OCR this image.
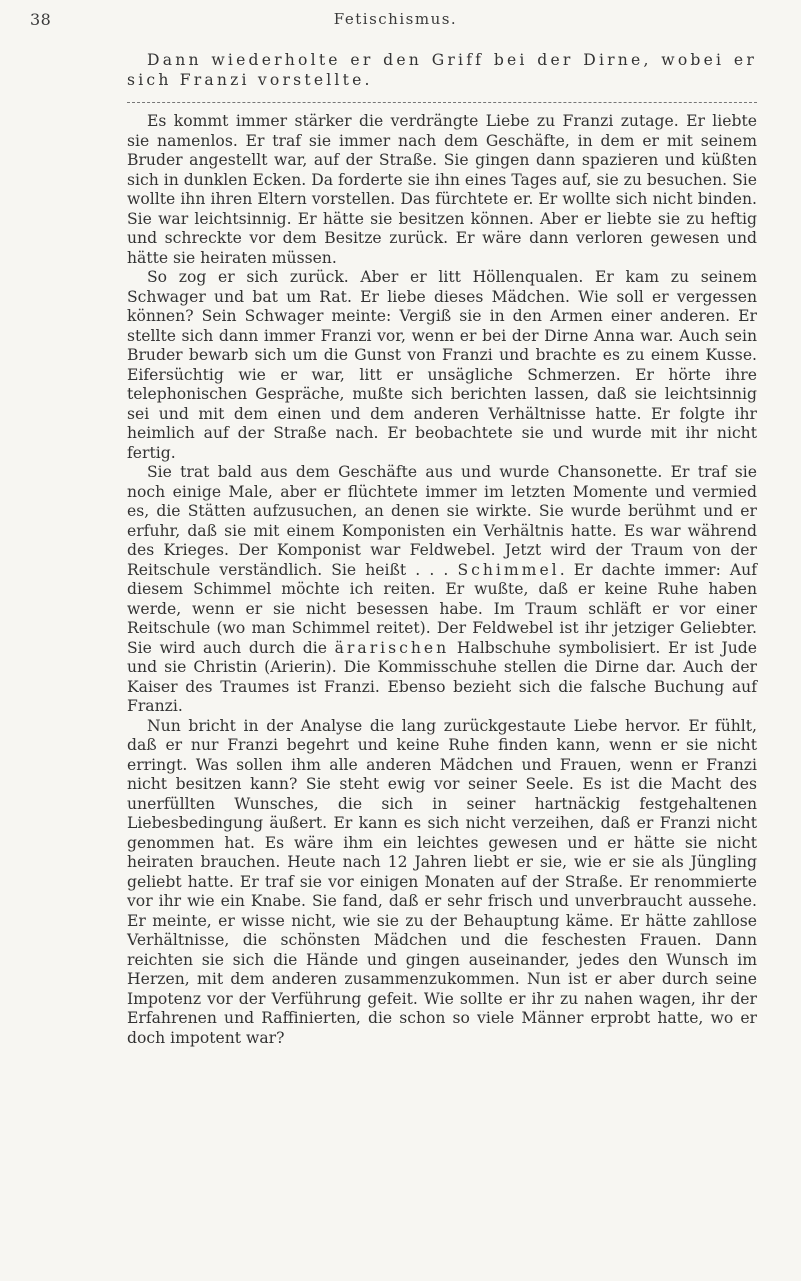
38	Fetischismus.

Dann wiederholte er den Griff bei der Dirne, wobei er sich Franzi vorstellte.

Es kommt immer stärker die verdrängte Liebe zu Franzi zutage. Er liebte sie namenlos. Er traf sie immer nach dem Geschäfte, in dem er mit seinem Bruder angestellt war, auf der Straße. Sie gingen dann spazieren und küßten sich in dunklen Ecken. Da forderte sie ihn eines Tages auf, sie zu besuchen. Sie wollte ihn ihren Eltern vorstellen. Das fürchtete er. Er wollte sich nicht binden. Sie war leichtsinnig. Er hätte sie besitzen können. Aber er liebte sie zu heftig und schreckte vor dem Besitze zurück. Er wäre dann verloren gewesen und hätte sie heiraten müssen.

So zog er sich zurück. Aber er litt Höllenqualen. Er kam zu seinem Schwager und bat um Rat. Er liebe dieses Mädchen. Wie soll er vergessen können? Sein Schwager meinte: Vergiß sie in den Armen einer anderen. Er stellte sich dann immer Franzi vor, wenn er bei der Dirne Anna war. Auch sein Bruder bewarb sich um die Gunst von Franzi und brachte es zu einem Kusse. Eifersüchtig wie er war, litt er unsägliche Schmerzen. Er hörte ihre telephonischen Gespräche, mußte sich berichten lassen, daß sie leichtsinnig sei und mit dem einen und dem anderen Verhältnisse hatte. Er folgte ihr heimlich auf der Straße nach. Er beobachtete sie und wurde mit ihr nicht fertig.

Sie trat bald aus dem Geschäfte aus und wurde Chansonette. Er traf sie noch einige Male, aber er flüchtete immer im letzten Momente und vermied es, die Stätten aufzusuchen, an denen sie wirkte. Sie wurde berühmt und er erfuhr, daß sie mit einem Komponisten ein Verhältnis hatte. Es war während des Krieges. Der Komponist war Feldwebel. Jetzt wird der Traum von der Reitschule verständlich. Sie heißt . . . Schimmel. Er dachte immer: Auf diesem Schimmel möchte ich reiten. Er wußte, daß er keine Ruhe haben werde, wenn er sie nicht besessen habe. Im Traum schläft er vor einer Reitschule (wo man Schimmel reitet). Der Feldwebel ist ihr jetziger Geliebter. Sie wird auch durch die ärarischen Halbschuhe symbolisiert. Er ist Jude und sie Christin (Arierin). Die Kommisschuhe stellen die Dirne dar. Auch der Kaiser des Traumes ist Franzi. Ebenso bezieht sich die falsche Buchung auf Franzi.

Nun bricht in der Analyse die lang zurückgestaute Liebe hervor. Er fühlt, daß er nur Franzi begehrt und keine Ruhe finden kann, wenn er sie nicht erringt. Was sollen ihm alle anderen Mädchen und Frauen, wenn er Franzi nicht besitzen kann? Sie steht ewig vor seiner Seele. Es ist die Macht des unerfüllten Wunsches, die sich in seiner hartnäckig festgehaltenen Liebesbedingung äußert. Er kann es sich nicht verzeihen, daß er Franzi nicht genommen hat. Es wäre ihm ein leichtes gewesen und er hätte sie nicht heiraten brauchen. Heute nach 12 Jahren liebt er sie, wie er sie als Jüngling geliebt hatte. Er traf sie vor einigen Monaten auf der Straße. Er renommierte vor ihr wie ein Knabe. Sie fand, daß er sehr frisch und unverbraucht aussehe. Er meinte, er wisse nicht, wie sie zu der Behauptung käme. Er hätte zahllose Verhältnisse, die schönsten Mädchen und die feschesten Frauen. Dann reichten sie sich die Hände und gingen auseinander, jedes den Wunsch im Herzen, mit dem anderen zusammenzukommen. Nun ist er aber durch seine Impotenz vor der Verführung gefeit. Wie sollte er ihr zu nahen wagen, ihr der Erfahrenen und Raffinierten, die schon so viele Männer erprobt hatte, wo er doch impotent war?
